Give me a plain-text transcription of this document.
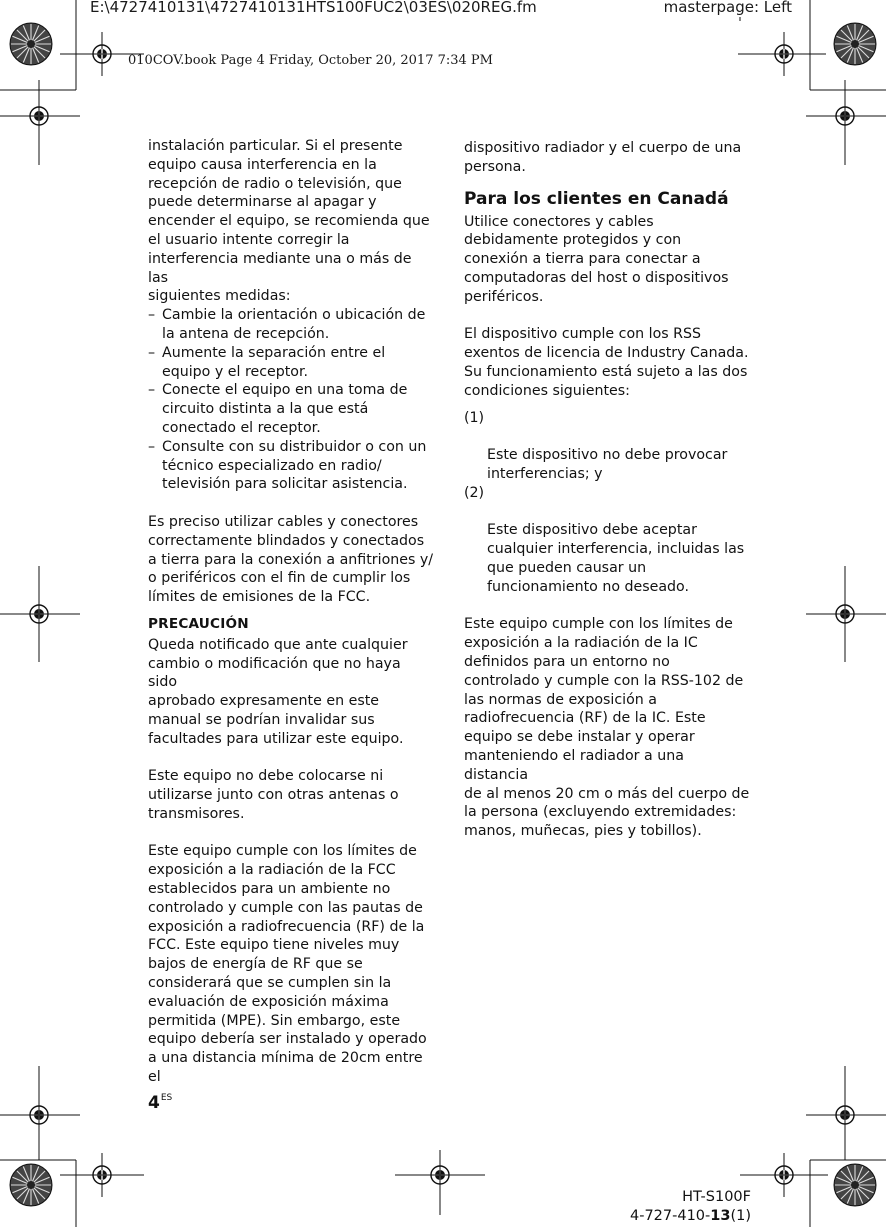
E:\4727410131\4727410131HTS100FUC2\03ES\020REG.fm	masterpage: Left
010COV.book Page 4 Friday, October 20, 2017 7:34 PM

instalación particular. Si el presente
equipo causa interferencia en la
recepción de radio o televisión, que
puede determinarse al apagar y
encender el equipo, se recomienda que
el usuario intente corregir la
interferencia mediante una o más de las
siguientes medidas:

– Cambie la orientación o ubicación de
la antena de recepción.
– Aumente la separación entre el
equipo y el receptor.
– Conecte el equipo en una toma de
circuito distinta a la que está
conectado el receptor.
– Consulte con su distribuidor o con un
técnico especializado en radio/
televisión para solicitar asistencia.

Es preciso utilizar cables y conectores
correctamente blindados y conectados
a tierra para la conexión a anfitriones y/
o periféricos con el fin de cumplir los
límites de emisiones de la FCC.

PRECAUCIÓN

Queda notificado que ante cualquier
cambio o modificación que no haya sido
aprobado expresamente en este
manual se podrían invalidar sus
facultades para utilizar este equipo.

Este equipo no debe colocarse ni
utilizarse junto con otras antenas o
transmisores.

Este equipo cumple con los límites de
exposición a la radiación de la FCC
establecidos para un ambiente no
controlado y cumple con las pautas de
exposición a radiofrecuencia (RF) de la
FCC. Este equipo tiene niveles muy
bajos de energía de RF que se
considerará que se cumplen sin la
evaluación de exposición máxima
permitida (MPE). Sin embargo, este
equipo debería ser instalado y operado
a una distancia mínima de 20cm entre el

dispositivo radiador y el cuerpo de una
persona.

Para los clientes en Canadá

Utilice conectores y cables
debidamente protegidos y con
conexión a tierra para conectar a
computadoras del host o dispositivos
periféricos.

El dispositivo cumple con los RSS
exentos de licencia de Industry Canada.
Su funcionamiento está sujeto a las dos
condiciones siguientes:

(1)

Este dispositivo no debe provocar
interferencias; y

(2)

Este dispositivo debe aceptar
cualquier interferencia, incluidas las
que pueden causar un
funcionamiento no deseado.

Este equipo cumple con los límites de
exposición a la radiación de la IC
definidos para un entorno no
controlado y cumple con la RSS-102 de
las normas de exposición a
radiofrecuencia (RF) de la IC. Este
equipo se debe instalar y operar
manteniendo el radiador a una distancia
de al menos 20 cm o más del cuerpo de
la persona (excluyendo extremidades:
manos, muñecas, pies y tobillos).

$4^{ES}$
HT-S100F
4-727-410-13(1)
